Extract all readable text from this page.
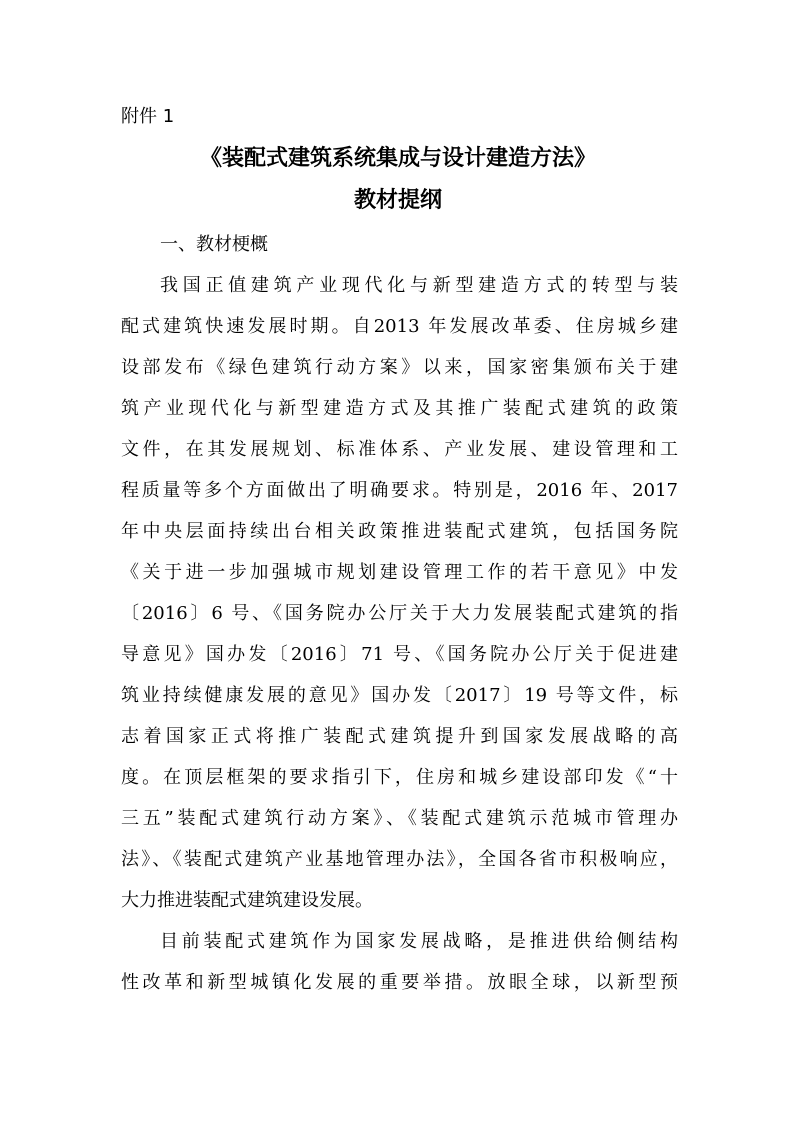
附件 1

《装配式建筑系统集成与设计建造方法》
教材提纲

一、教材梗概

我国正值建筑产业现代化与新型建造方式的转型与装

配式建筑快速发展时期。自2013 年发展改革委、住房城乡建

设部发布《绿色建筑行动方案》以来，国家密集颁布关于建

筑产业现代化与新型建造方式及其推广装配式建筑的政策

文件，在其发展规划、标准体系、产业发展、建设管理和工

程质量等多个方面做出了明确要求。特别是，2016 年、2017

年中央层面持续出台相关政策推进装配式建筑，包括国务院

《关于进一步加强城市规划建设管理工作的若干意见》中发

〔2016〕6 号、《国务院办公厅关于大力发展装配式建筑的指

导意见》国办发〔2016〕71 号、《国务院办公厅关于促进建

筑业持续健康发展的意见》国办发〔2017〕19 号等文件，标

志着国家正式将推广装配式建筑提升到国家发展战略的高

度。在顶层框架的要求指引下，住房和城乡建设部印发《“十

三五”装配式建筑行动方案》、《装配式建筑示范城市管理办

法》、《装配式建筑产业基地管理办法》，全国各省市积极响应，

大力推进装配式建筑建设发展。

目前装配式建筑作为国家发展战略，是推进供给侧结构

性改革和新型城镇化发展的重要举措。放眼全球，以新型预
